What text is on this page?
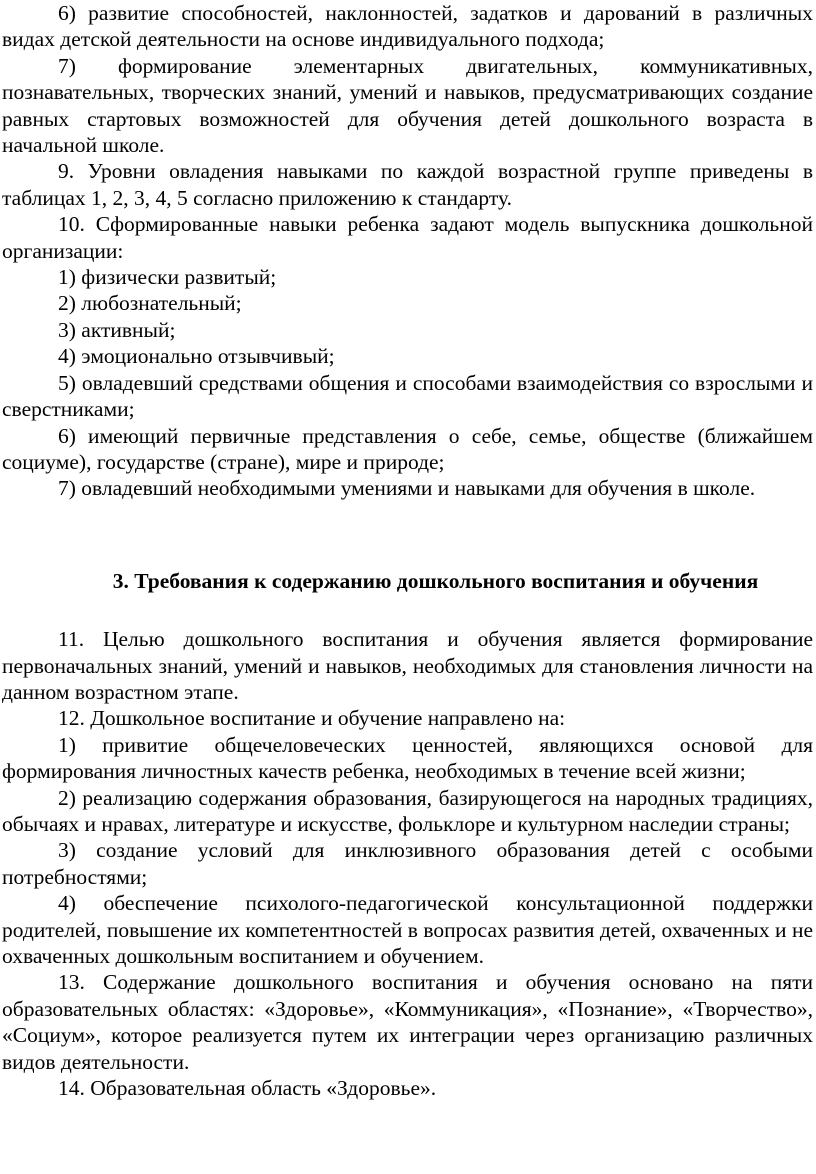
6) развитие способностей, наклонностей, задатков и дарований в различных видах детской деятельности на основе индивидуального подхода;

7) формирование элементарных двигательных, коммуникативных, познавательных, творческих знаний, умений и навыков, предусматривающих создание равных стартовых возможностей для обучения детей дошкольного возраста в начальной школе.

9. Уровни овладения навыками по каждой возрастной группе приведены в таблицах 1, 2, 3, 4, 5 согласно приложению к стандарту.

10. Сформированные навыки ребенка задают модель выпускника дошкольной организации:

1) физически развитый;

2) любознательный;

3) активный;

4) эмоционально отзывчивый;

5) овладевший средствами общения и способами взаимодействия со взрослыми и сверстниками;

6) имеющий первичные представления о себе, семье, обществе (ближайшем социуме), государстве (стране), мире и природе;

7) овладевший необходимыми умениями и навыками для обучения в школе.

3. Требования к содержанию дошкольного воспитания и обучения

11. Целью дошкольного воспитания и обучения является формирование первоначальных знаний, умений и навыков, необходимых для становления личности на данном возрастном этапе.

12. Дошкольное воспитание и обучение направлено на:

1) привитие общечеловеческих ценностей, являющихся основой для формирования личностных качеств ребенка, необходимых в течение всей жизни;

2) реализацию содержания образования, базирующегося на народных традициях, обычаях и нравах, литературе и искусстве, фольклоре и культурном наследии страны;

3) создание условий для инклюзивного образования детей с особыми потребностями;

4) обеспечение психолого-педагогической консультационной поддержки родителей, повышение их компетентностей в вопросах развития детей, охваченных и не охваченных дошкольным воспитанием и обучением.

13. Содержание дошкольного воспитания и обучения основано на пяти образовательных областях: «Здоровье», «Коммуникация», «Познание», «Творчество», «Социум», которое реализуется путем их интеграции через организацию различных видов деятельности.

14. Образовательная область «Здоровье».
